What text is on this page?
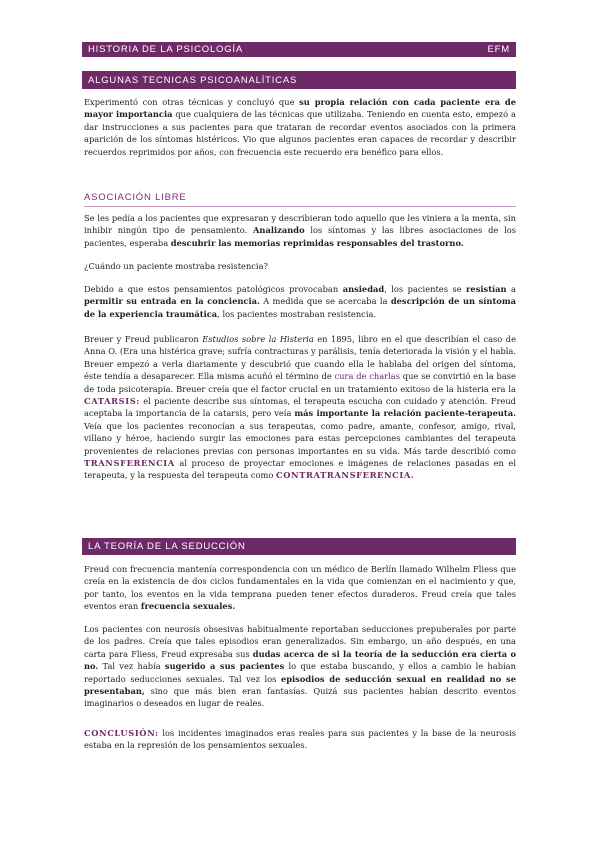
HISTORIA DE LA PSICOLOGÍA	EFM
ALGUNAS TECNICAS PSICOANALÍTICAS

Experimentó con otras técnicas y concluyó que su propia relación con cada paciente era de mayor importancia que cualquiera de las técnicas que utilizaba. Teniendo en cuenta esto, empezó a dar instrucciones a sus pacientes para que trataran de recordar eventos asociados con la primera aparición de los síntomas histéricos. Vio que algunos pacientes eran capaces de recordar y describir recuerdos reprimidos por años, con frecuencia este recuerdo era benéfico para ellos.

ASOCIACIÓN LIBRE

Se les pedía a los pacientes que expresaran y describieran todo aquello que les viniera a la menta, sin inhibir ningún tipo de pensamiento. Analizando los síntomas y las libres asociaciones de los pacientes, esperaba descubrir las memorias reprimidas responsables del trastorno.

¿Cuándo un paciente mostraba resistencia?

Debido a que estos pensamientos patológicos provocaban ansiedad, los pacientes se resistían a permitir su entrada en la conciencia. A medida que se acercaba la descripción de un síntoma de la experiencia traumática, los pacientes mostraban resistencia.

Breuer y Freud publicaron Estudios sobre la Histeria en 1895, libro en el que describían el caso de Anna O. (Era una histérica grave; sufría contracturas y parálisis, tenía deteriorada la visión y el habla. Breuer empezó a verla diariamente y descubrió que cuando ella le hablaba del origen del síntoma, éste tendía a desaparecer. Ella misma acuñó el término de cura de charlas que se convirtió en la base de toda psicoterapia. Breuer creía que el factor crucial en un tratamiento exitoso de la histeria era la CATARSIS: el paciente describe sus síntomas, el terapeuta escucha con cuidado y atención. Freud aceptaba la importancia de la catarsis, pero veía más importante la relación paciente-terapeuta. Veía que los pacientes reconocían a sus terapeutas, como padre, amante, confesor, amigo, rival, villano y héroe, haciendo surgir las emociones para estas percepciones cambiantes del terapeuta provenientes de relaciones previas con personas importantes en su vida. Más tarde describió como TRANSFERENCIA al proceso de proyectar emociones e imágenes de relaciones pasadas en el terapeuta, y la respuesta del terapeuta como CONTRATRANSFERENCIA.

LA TEORÍA DE LA SEDUCCIÓN

Freud con frecuencia mantenía correspondencia con un médico de Berlín llamado Wilhelm Fliess que creía en la existencia de dos ciclos fundamentales en la vida que comienzan en el nacimiento y que, por tanto, los eventos en la vida temprana pueden tener efectos duraderos. Freud creía que tales eventos eran frecuencia sexuales.

Los pacientes con neurosis obsesivas habitualmente reportaban seducciones prepuberales por parte de los padres. Creía que tales episodios eran generalizados. Sin embargo, un año después, en una carta para Fliess, Freud expresaba sus dudas acerca de si la teoría de la seducción era cierta o no. Tal vez había sugerido a sus pacientes lo que estaba buscando, y ellos a cambio le habían reportado seducciones sexuales. Tal vez los episodios de seducción sexual en realidad no se presentaban, sino que más bien eran fantasías. Quizá sus pacientes habían descrito eventos imaginarios o deseados en lugar de reales.

CONCLUSIÓN: los incidentes imaginados eras reales para sus pacientes y la base de la neurosis estaba en la represión de los pensamientos sexuales.
